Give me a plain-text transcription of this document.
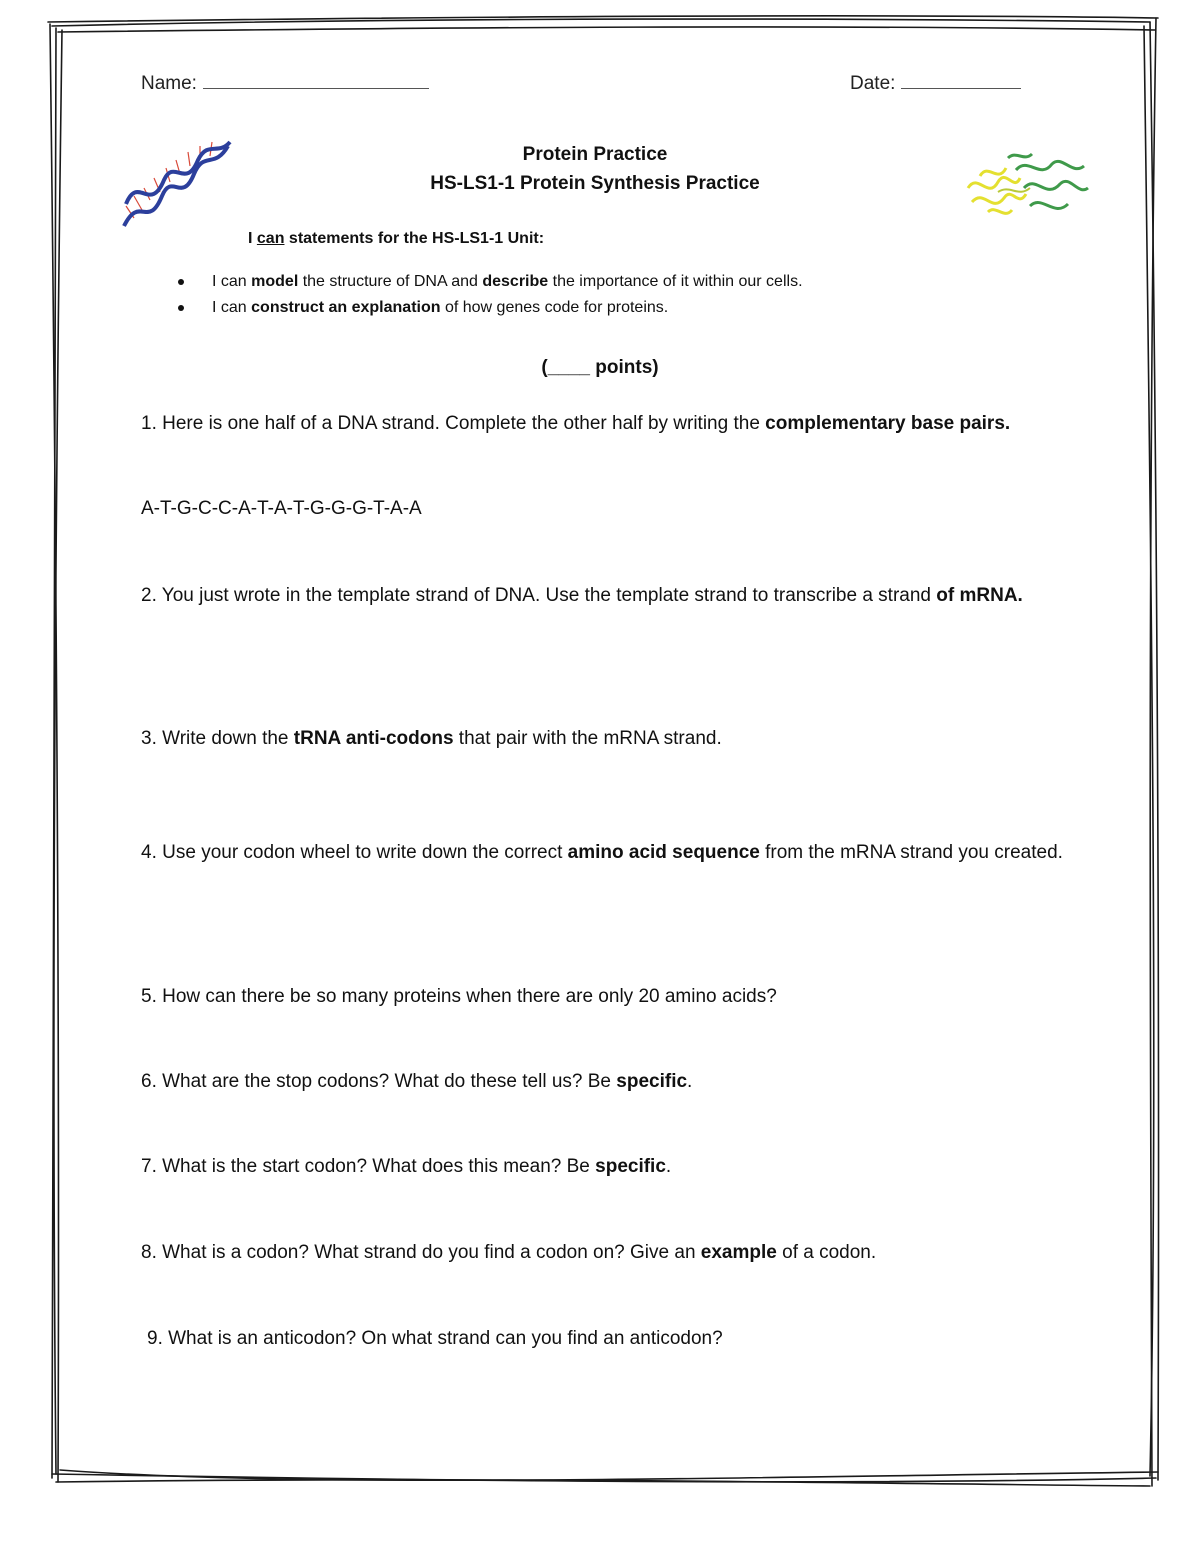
Name:	Date:
Protein Practice
HS-LS1-1 Protein Synthesis Practice
I can statements for the HS-LS1-1 Unit:
I can model the structure of DNA and describe the importance of it within our cells.
I can construct an explanation of how genes code for proteins.
(____ points)
1. Here is one half of a DNA strand. Complete the other half by writing the complementary base pairs.
A-T-G-C-C-A-T-A-T-G-G-G-T-A-A
2. You just wrote in the template strand of DNA. Use the template strand to transcribe a strand of mRNA.
3. Write down the tRNA anti-codons that pair with the mRNA strand.
4. Use your codon wheel to write down the correct amino acid sequence from the mRNA strand you created.
5. How can there be so many proteins when there are only 20 amino acids?
6. What are the stop codons? What do these tell us? Be specific.
7. What is the start codon? What does this mean? Be specific.
8. What is a codon? What strand do you find a codon on? Give an example of a codon.
9. What is an anticodon? On what strand can you find an anticodon?
